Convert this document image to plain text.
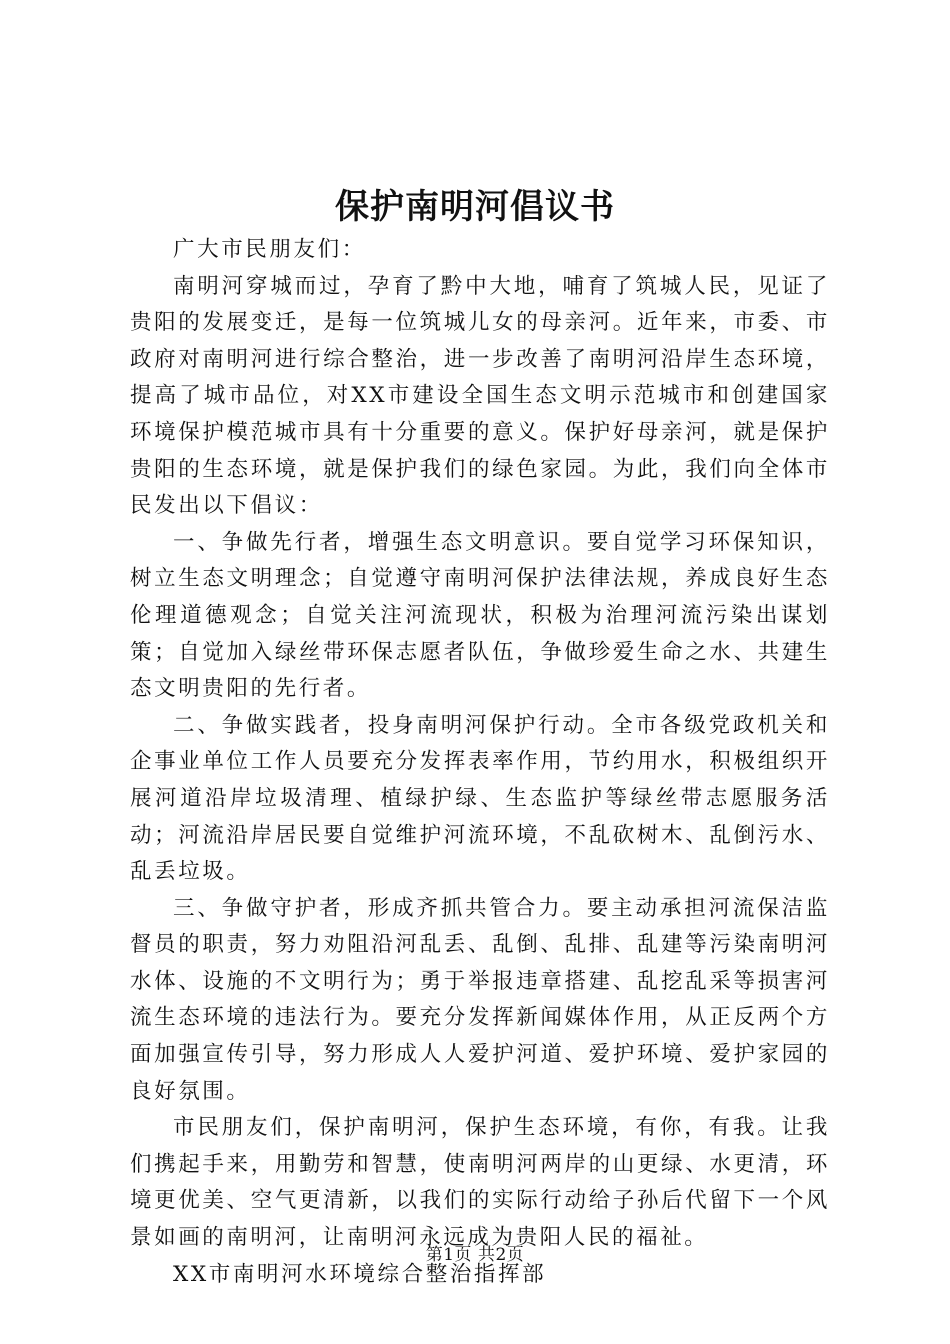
保护南明河倡议书

广大市民朋友们：

南明河穿城而过，孕育了黔中大地，哺育了筑城人民，见证了贵阳的发展变迁，是每一位筑城儿女的母亲河。近年来，市委、市政府对南明河进行综合整治，进一步改善了南明河沿岸生态环境，提高了城市品位，对XX市建设全国生态文明示范城市和创建国家环境保护模范城市具有十分重要的意义。保护好母亲河，就是保护贵阳的生态环境，就是保护我们的绿色家园。为此，我们向全体市民发出以下倡议：

一、争做先行者，增强生态文明意识。要自觉学习环保知识，树立生态文明理念；自觉遵守南明河保护法律法规，养成良好生态伦理道德观念；自觉关注河流现状，积极为治理河流污染出谋划策；自觉加入绿丝带环保志愿者队伍，争做珍爱生命之水、共建生态文明贵阳的先行者。

二、争做实践者，投身南明河保护行动。全市各级党政机关和企事业单位工作人员要充分发挥表率作用，节约用水，积极组织开展河道沿岸垃圾清理、植绿护绿、生态监护等绿丝带志愿服务活动；河流沿岸居民要自觉维护河流环境，不乱砍树木、乱倒污水、乱丢垃圾。

三、争做守护者，形成齐抓共管合力。要主动承担河流保洁监督员的职责，努力劝阻沿河乱丢、乱倒、乱排、乱建等污染南明河水体、设施的不文明行为；勇于举报违章搭建、乱挖乱采等损害河流生态环境的违法行为。要充分发挥新闻媒体作用，从正反两个方面加强宣传引导，努力形成人人爱护河道、爱护环境、爱护家园的良好氛围。

市民朋友们，保护南明河，保护生态环境，有你，有我。让我们携起手来，用勤劳和智慧，使南明河两岸的山更绿、水更清，环境更优美、空气更清新，以我们的实际行动给子孙后代留下一个风景如画的南明河，让南明河永远成为贵阳人民的福祉。

XX市南明河水环境综合整治指挥部

第1页 共2页
